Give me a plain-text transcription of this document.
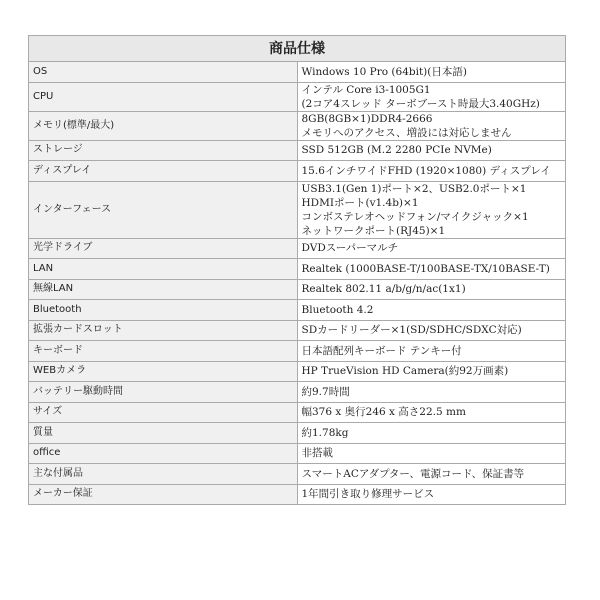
商品仕様	
OS	Windows 10 Pro (64bit)(日本語)

CPU	インテル Core i3-1005G1
(2コア4スレッド ターボブースト時最大3.40GHz)

メモリ(標準/最大)	8GB(8GB×1)DDR4-2666
メモリへのアクセス、増設には対応しません

ストレージ	SSD 512GB (M.2 2280 PCIe NVMe)

ディスプレイ	15.6インチワイドFHD (1920×1080) ディスプレイ

インターフェース	USB3.1(Gen 1)ポート×2、USB2.0ポート×1
HDMIポート(v1.4b)×1
コンボステレオヘッドフォン/マイクジャック×1
ネットワークポート(RJ45)×1

光学ドライブ	DVDスーパーマルチ

LAN	Realtek (1000BASE-T/100BASE-TX/10BASE-T)

無線LAN	Realtek 802.11 a/b/g/n/ac(1x1)

Bluetooth	Bluetooth 4.2

拡張カードスロット	SDカードリーダー×1(SD/SDHC/SDXC対応)

キーボード	日本語配列キーボード テンキー付

WEBカメラ	HP TrueVision HD Camera(約92万画素)

バッテリー駆動時間	約9.7時間

サイズ	幅376 x 奥行246 x 高さ22.5 mm

質量	約1.78kg

office	非搭載

主な付属品	スマートACアダプター、電源コード、保証書等

メーカー保証	1年間引き取り修理サービス
